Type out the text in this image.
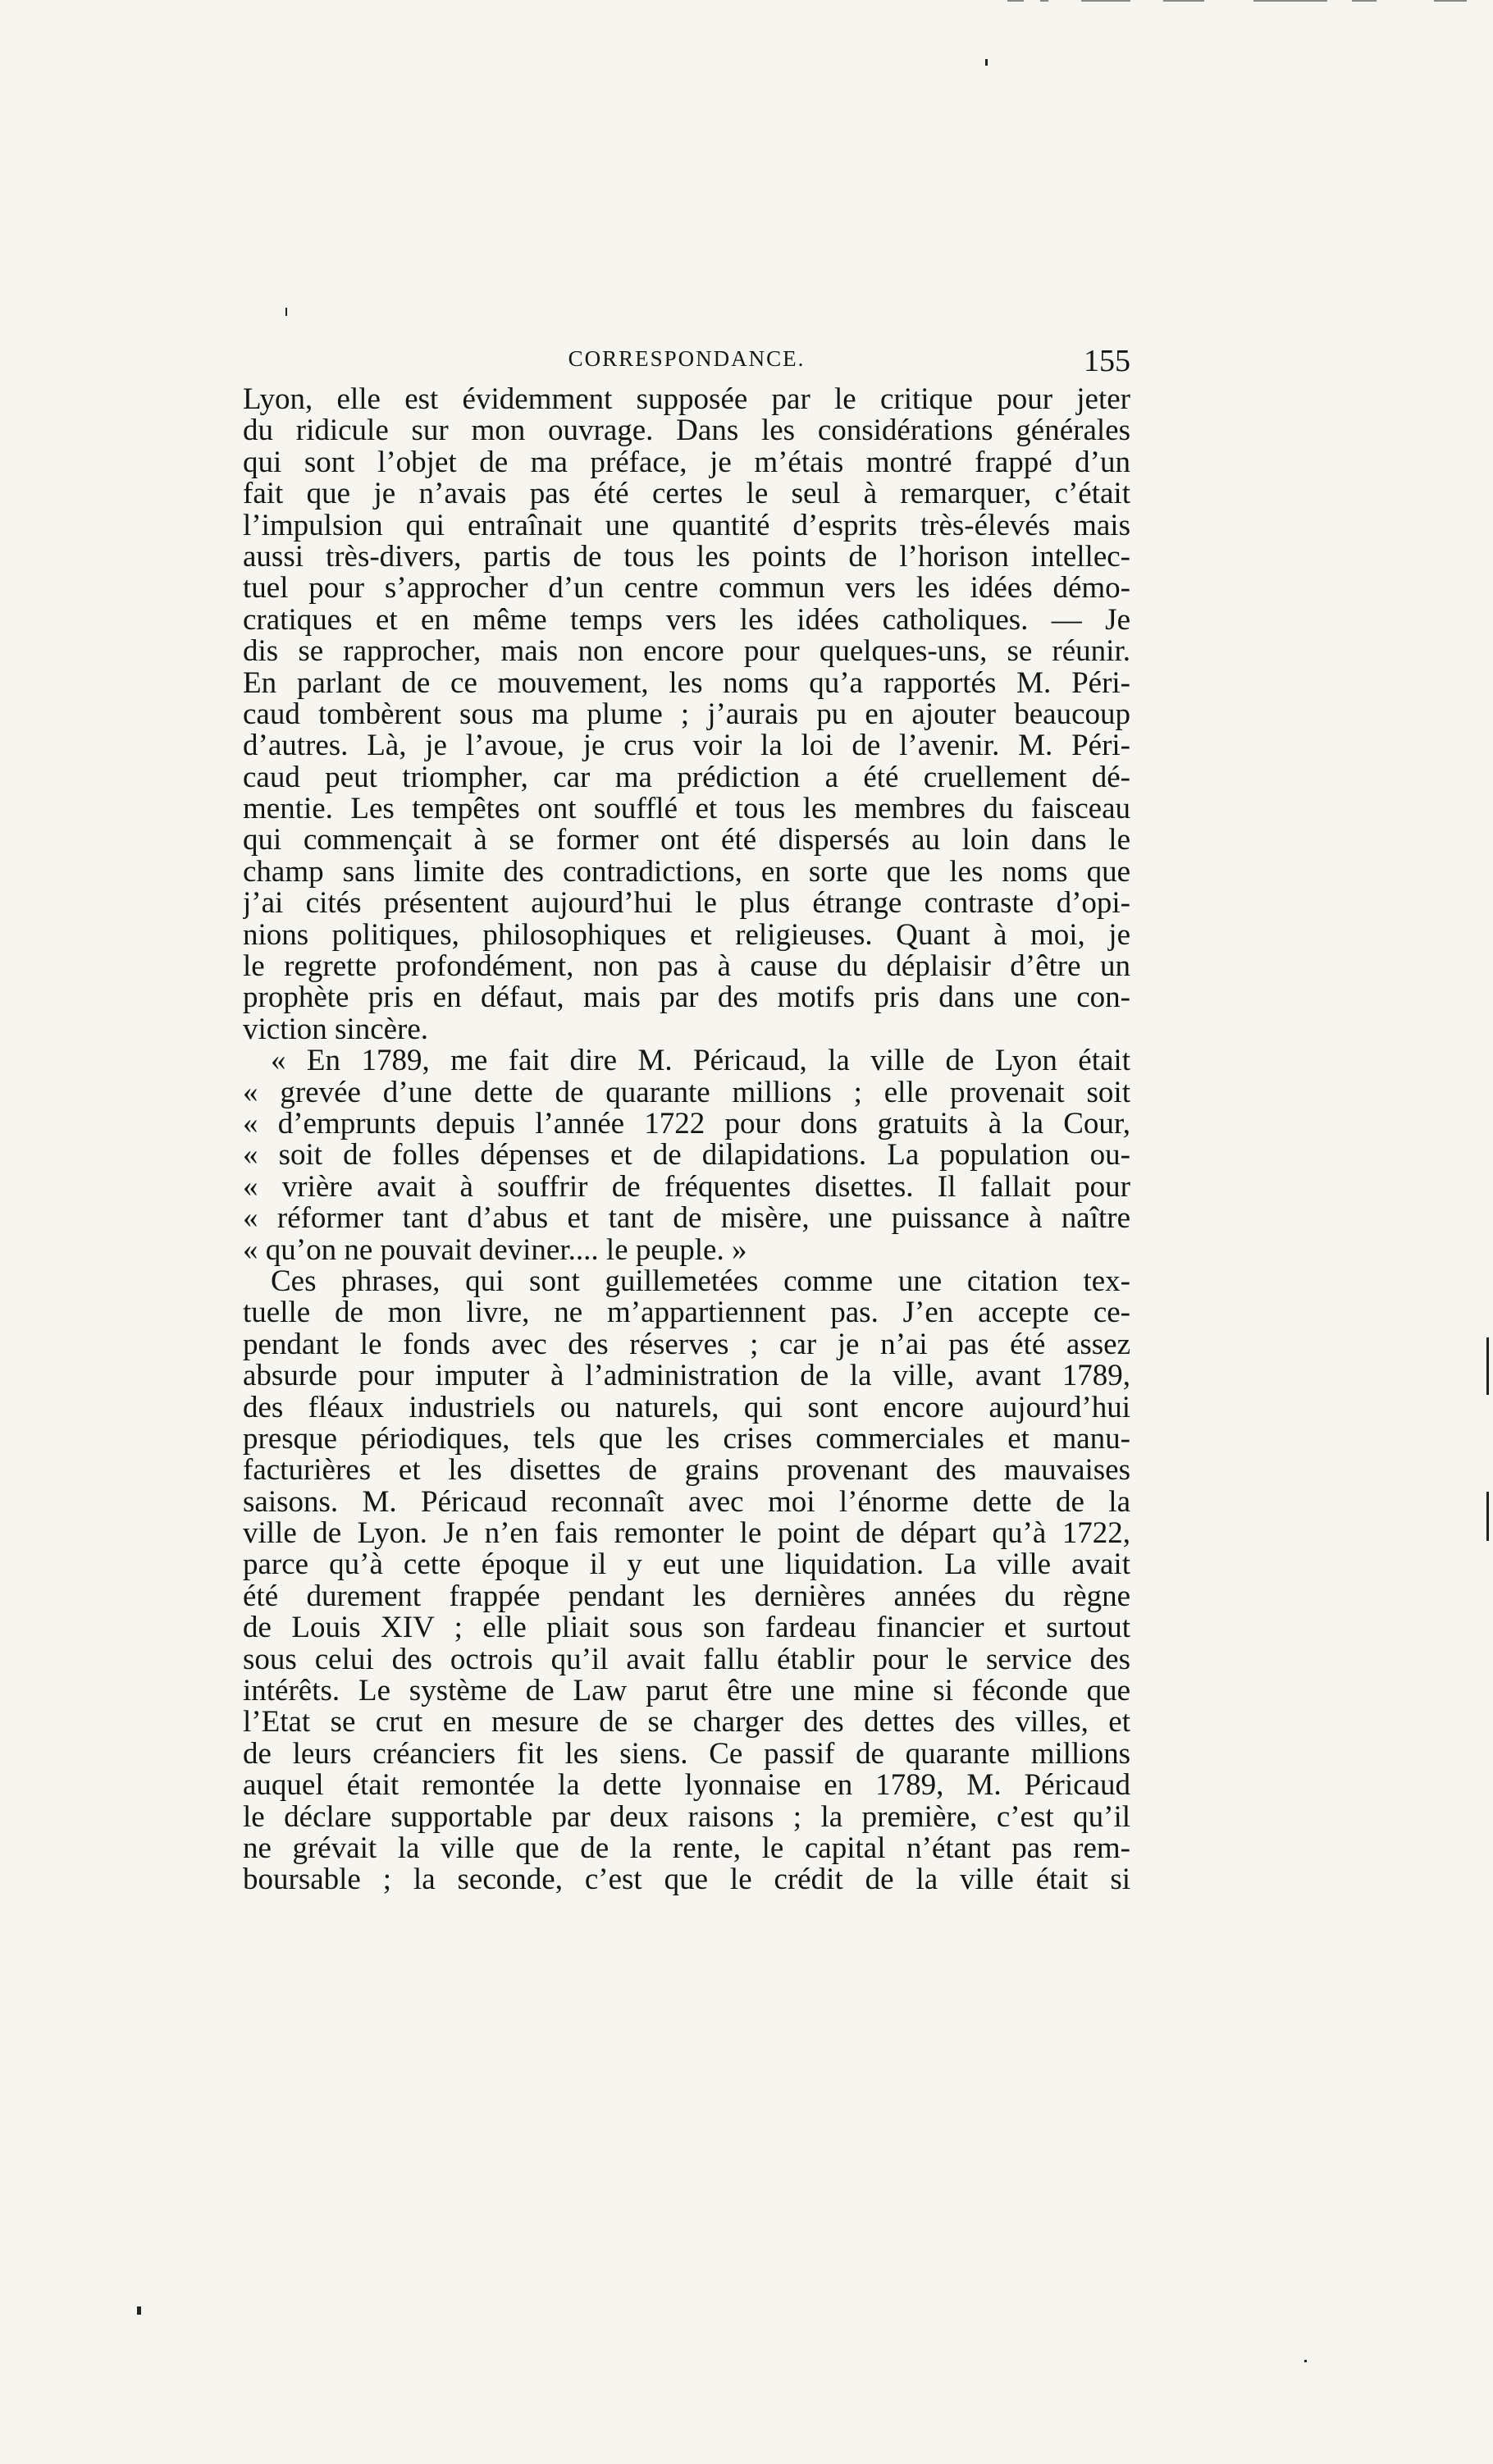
CORRESPONDANCE.	155
Lyon, elle est évidemment supposée par le critique pour jeter
du ridicule sur mon ouvrage. Dans les considérations générales
qui sont l’objet de ma préface, je m’étais montré frappé d’un
fait que je n’avais pas été certes le seul à remarquer, c’était
l’impulsion qui entraînait une quantité d’esprits très-élevés mais
aussi très-divers, partis de tous les points de l’horison intellec-
tuel pour s’approcher d’un centre commun vers les idées démo-
cratiques et en même temps vers les idées catholiques. — Je
dis se rapprocher, mais non encore pour quelques-uns, se réunir.
En parlant de ce mouvement, les noms qu’a rapportés M. Péri-
caud tombèrent sous ma plume ; j’aurais pu en ajouter beaucoup
d’autres. Là, je l’avoue, je crus voir la loi de l’avenir. M. Péri-
caud peut triompher, car ma prédiction a été cruellement dé-
mentie. Les tempêtes ont soufflé et tous les membres du faisceau
qui commençait à se former ont été dispersés au loin dans le
champ sans limite des contradictions, en sorte que les noms que
j’ai cités présentent aujourd’hui le plus étrange contraste d’opi-
nions politiques, philosophiques et religieuses. Quant à moi, je
le regrette profondément, non pas à cause du déplaisir d’être un
prophète pris en défaut, mais par des motifs pris dans une con-
viction sincère.
« En 1789, me fait dire M. Péricaud, la ville de Lyon était
« grevée d’une dette de quarante millions ; elle provenait soit
« d’emprunts depuis l’année 1722 pour dons gratuits à la Cour,
« soit de folles dépenses et de dilapidations. La population ou-
« vrière avait à souffrir de fréquentes disettes. Il fallait pour
« réformer tant d’abus et tant de misère, une puissance à naître
« qu’on ne pouvait deviner.... le peuple. »
Ces phrases, qui sont guillemetées comme une citation tex-
tuelle de mon livre, ne m’appartiennent pas. J’en accepte ce-
pendant le fonds avec des réserves ; car je n’ai pas été assez
absurde pour imputer à l’administration de la ville, avant 1789,
des fléaux industriels ou naturels, qui sont encore aujourd’hui
presque périodiques, tels que les crises commerciales et manu-
facturières et les disettes de grains provenant des mauvaises
saisons. M. Péricaud reconnaît avec moi l’énorme dette de la
ville de Lyon. Je n’en fais remonter le point de départ qu’à 1722,
parce qu’à cette époque il y eut une liquidation. La ville avait
été durement frappée pendant les dernières années du règne
de Louis XIV ; elle pliait sous son fardeau financier et surtout
sous celui des octrois qu’il avait fallu établir pour le service des
intérêts. Le système de Law parut être une mine si féconde que
l’Etat se crut en mesure de se charger des dettes des villes, et
de leurs créanciers fit les siens. Ce passif de quarante millions
auquel était remontée la dette lyonnaise en 1789, M. Péricaud
le déclare supportable par deux raisons ; la première, c’est qu’il
ne grévait la ville que de la rente, le capital n’étant pas rem-
boursable ; la seconde, c’est que le crédit de la ville était si
